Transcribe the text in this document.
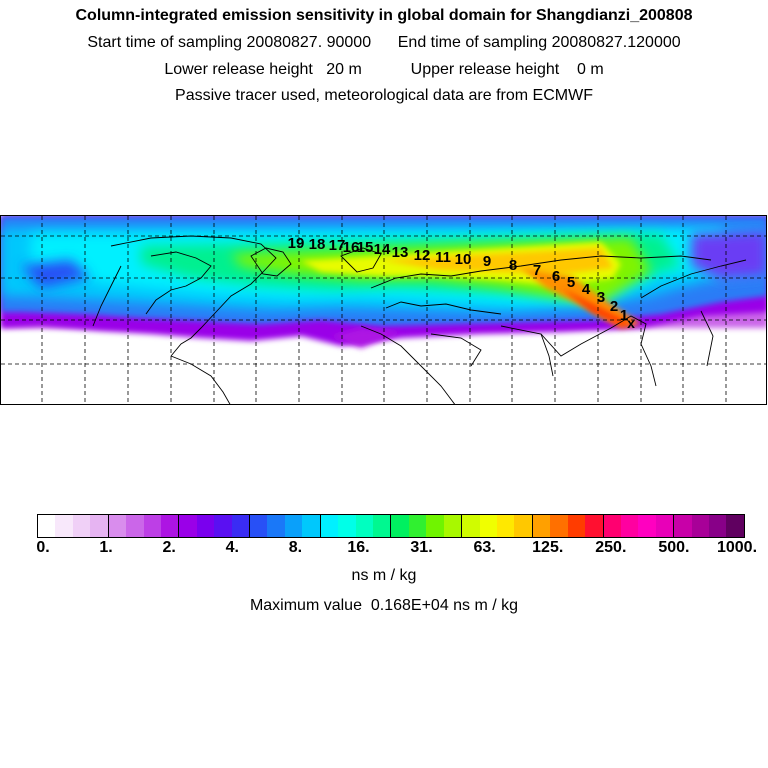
Column-integrated emission sensitivity in global domain for Shangdianzi_200808
Start time of sampling 20080827. 90000      End time of sampling 20080827.120000
Lower release height   20 m           Upper release height    0 m
Passive tracer used, meteorological data are from ECMWF
19 18 17
16
15 14 13 12 11 10 9 8 7 6 5 4 3
2
1
x
0.	1.	2.	4.	8.	16.	31.	63. 125. 250. 500. 1000.
ns m / kg
Maximum value  0.168E+04 ns m / kg
